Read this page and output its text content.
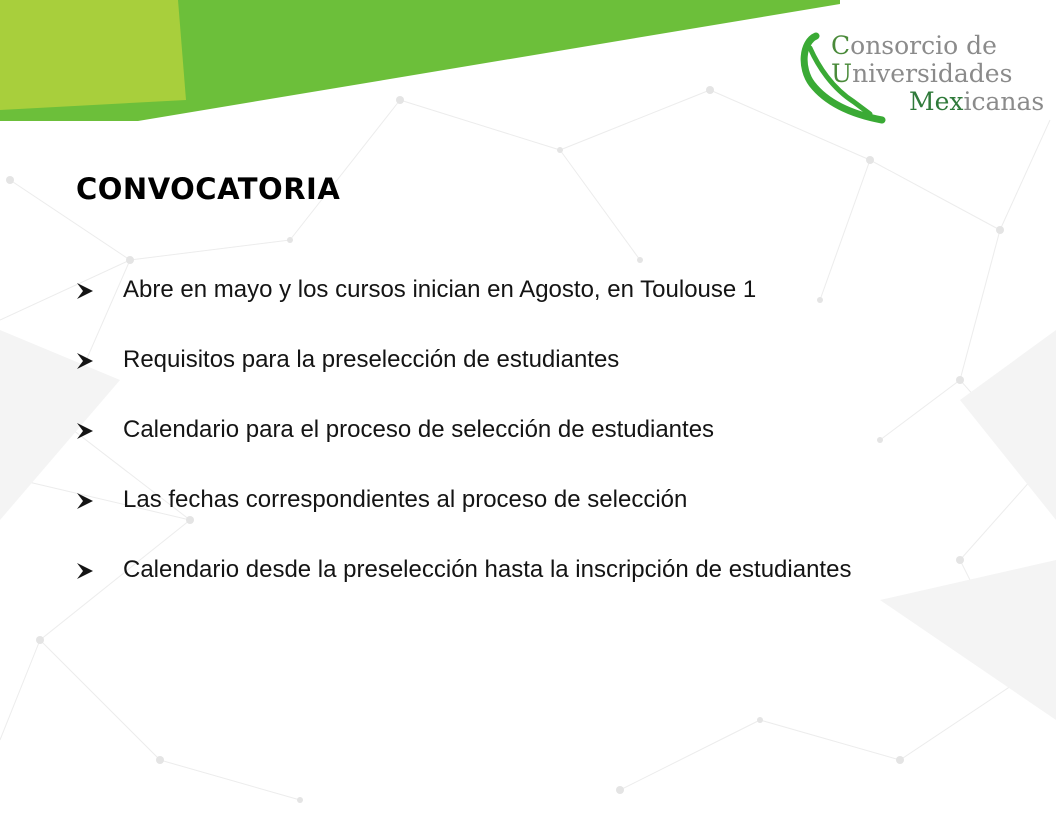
Consorcio de
Universidades
Mexicanas
CONVOCATORIA
Abre en mayo y los cursos inician en Agosto, en Toulouse 1
Requisitos para la preselección de estudiantes
Calendario para el proceso de selección de estudiantes
Las fechas correspondientes al proceso de selección
Calendario desde la preselección hasta la inscripción de estudiantes
